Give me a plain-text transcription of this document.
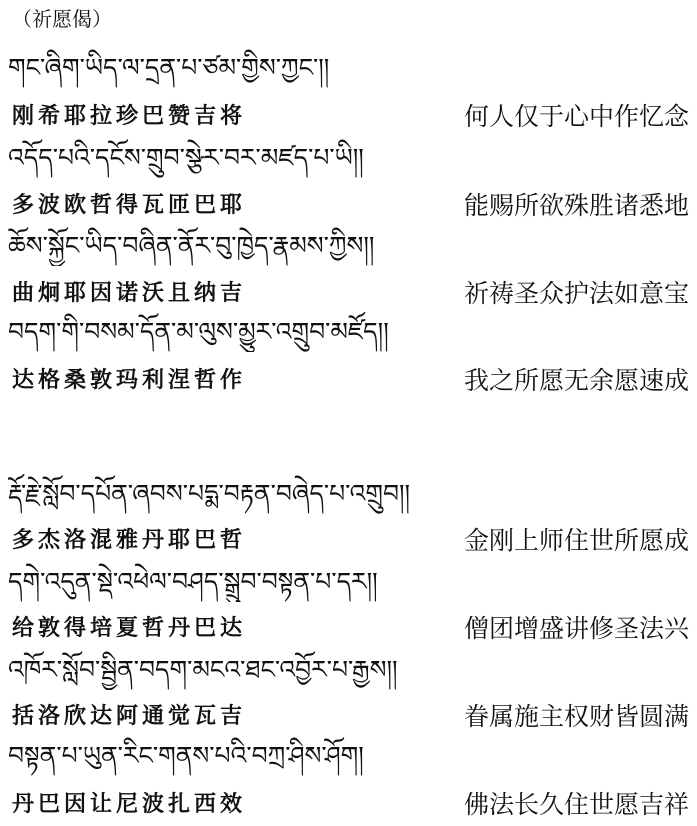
（祈愿偈）
གང་ཞིག་ཡིད་ལ་དྲན་པ་ཙམ་གྱིས་ཀྱང་།།
刚希耶拉珍巴赞吉将	何人仅于心中作忆念
འདོད་པའི་དངོས་གྲུབ་སྩེར་བར་མཛད་པ་ཡི།།
多波欧哲得瓦匝巴耶	能赐所欲殊胜诸悉地
ཆོས་སྐྱོང་ཡིད་བཞིན་ནོར་བུ་ཁྱེད་རྣམས་ཀྱིས།།
曲炯耶因诺沃且纳吉	祈祷圣众护法如意宝
བདག་གི་བསམ་དོན་མ་ལུས་མྱུར་འགྲུབ་མཛོད།།
达格桑敦玛利涅哲作	我之所愿无余愿速成
རྡོ་རྗེ་སློབ་དཔོན་ཞབས་པདྨ་བརྟན་བཞེད་པ་འགྲུབ།།
多杰洛混雅丹耶巴哲	金刚上师住世所愿成
དགེ་འདུན་སྡེ་འཕེལ་བཤད་སྒྲུབ་བསྟན་པ་དར།།
给敦得培夏哲丹巴达	僧团增盛讲修圣法兴
འཁོར་སློབ་སྦྱིན་བདག་མངའ་ཐང་འབྱོར་པ་རྒྱས།།
括洛欣达阿通觉瓦吉	眷属施主权财皆圆满
བསྟན་པ་ཡུན་རིང་གནས་པའི་བཀྲ་ཤིས་ཤོག།
丹巴因让尼波扎西效	佛法长久住世愿吉祥
